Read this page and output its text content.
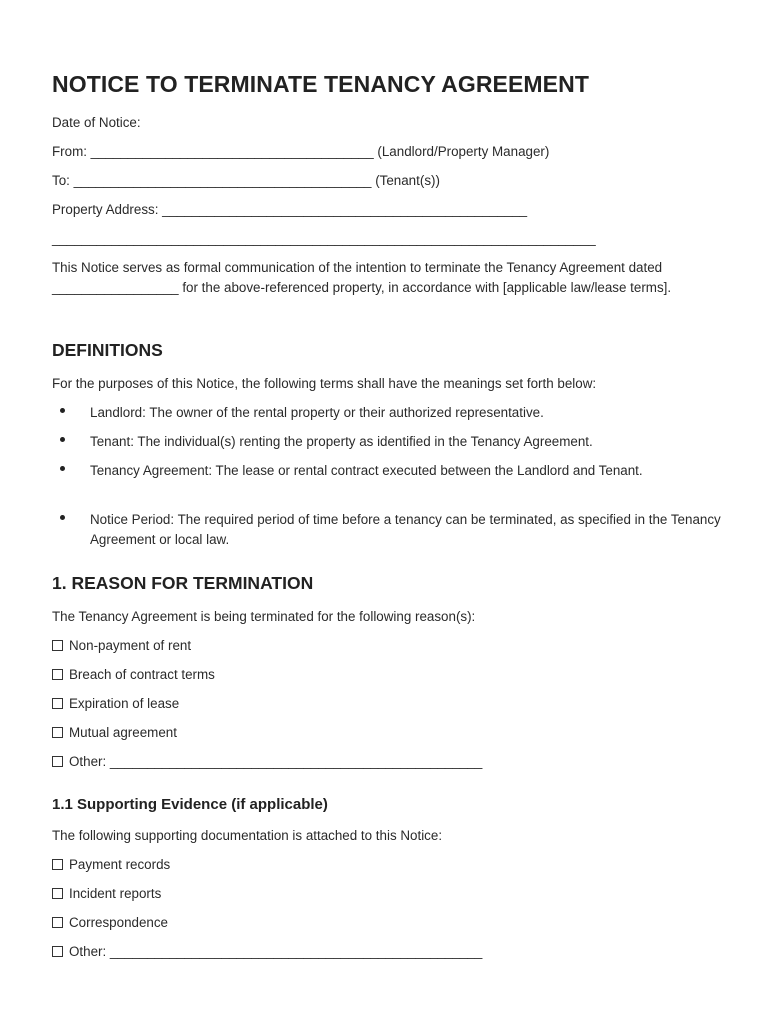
NOTICE TO TERMINATE TENANCY AGREEMENT
Date of Notice:
From: ______________________________________ (Landlord/Property Manager)
To: ________________________________________ (Tenant(s))
Property Address: _________________________________________________
_________________________________________________________________________
This Notice serves as formal communication of the intention to terminate the Tenancy Agreement dated _________________ for the above-referenced property, in accordance with [applicable law/lease terms].
DEFINITIONS
For the purposes of this Notice, the following terms shall have the meanings set forth below:
Landlord: The owner of the rental property or their authorized representative.
Tenant: The individual(s) renting the property as identified in the Tenancy Agreement.
Tenancy Agreement: The lease or rental contract executed between the Landlord and Tenant.
Notice Period: The required period of time before a tenancy can be terminated, as specified in the Tenancy Agreement or local law.
1. REASON FOR TERMINATION
The Tenancy Agreement is being terminated for the following reason(s):
Non-payment of rent
Breach of contract terms
Expiration of lease
Mutual agreement
Other: __________________________________________________
1.1 Supporting Evidence (if applicable)
The following supporting documentation is attached to this Notice:
Payment records
Incident reports
Correspondence
Other: __________________________________________________
